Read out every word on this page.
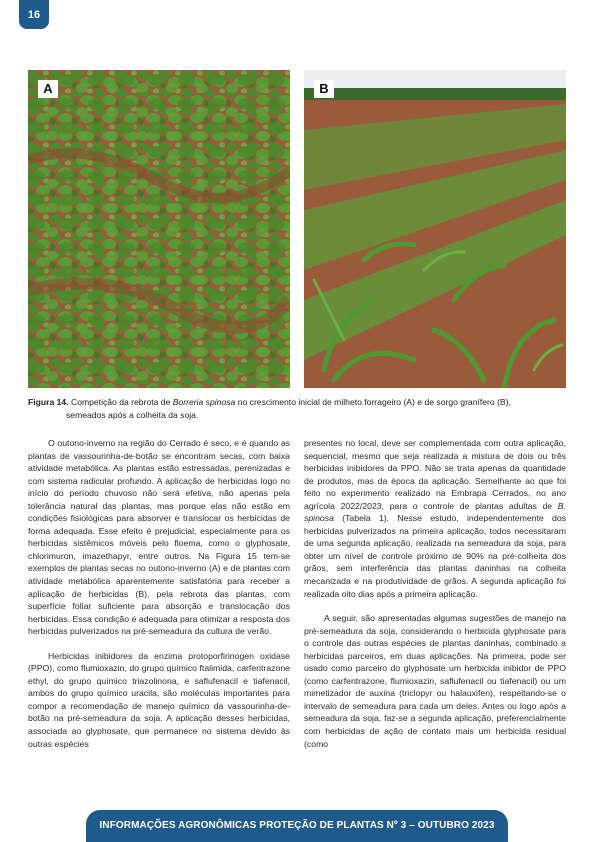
16
A	B
Figura 14. Competição da rebrota de Borreria spinosa no crescimento inicial de milheto forrageiro (A) e de sorgo granífero (B),
semeados após a colheita da soja.

O outono-inverno na região do Cerrado é seco, e é quando as plantas de vassourinha-de-botão se encontram secas, com baixa atividade metabólica. As plantas estão estressadas, perenizadas e com sistema radicular profundo. A aplicação de herbicidas logo no início do período chuvoso não será efetiva, não apenas pela tolerância natural das plantas, mas porque elas não estão em condições fisiológicas para absorver e translocar os herbicidas de forma adequada. Esse efeito é prejudicial, especialmente para os herbicidas sistêmicos móveis pelo floema, como o glyphosate, chlorimuron, imazethapyr, entre outros. Na Figura 15 tem-se exemplos de plantas secas no outono-inverno (A) e de plantas com atividade metabólica aparentemente satisfatória para receber a aplicação de herbicidas (B), pela rebrota das plantas, com superfície foliar suficiente para absorção e translocação dos herbicidas. Essa condição é adequada para otimizar a resposta dos herbicidas pulverizados na pré-semeadura da cultura de verão.

Herbicidas inibidores da enzima protoporfirinogen oxidase (PPO), como flumioxazin, do grupo químico ftalimida, carfentrazone ethyl, do grupo químico triazolinona, e saflufenacil e tiafenacil, ambos do grupo químico uracila, são moléculas importantes para compor a recomendação de manejo químico da vassourinha-de-botão na pré-semeadura da soja. A aplicação desses herbicidas, associada ao glyphosate, que permanece no sistema devido às outras espécies

presentes no local, deve ser complementada com outra aplicação, sequencial, mesmo que seja realizada a mistura de dois ou três herbicidas inibidores da PPO. Não se trata apenas da quantidade de produtos, mas da época da aplicação. Semelhante ao que foi feito no experimento realizado na Embrapa Cerrados, no ano agrícola 2022/2023, para o controle de plantas adultas de B. spinosa (Tabela 1). Nesse estudo, independentemente dos herbicidas pulverizados na primeira aplicação, todos necessitaram de uma segunda aplicação, realizada na semeadura da soja, para obter um nível de controle próximo de 90% na pré-colheita dos grãos, sem interferência das plantas daninhas na colheita mecanizada e na produtividade de grãos. A segunda aplicação foi realizada oito dias após a primeira aplicação.

A seguir, são apresentadas algumas sugestões de manejo na pré-semeadura da soja, considerando o herbicida glyphosate para o controle das outras espécies de plantas daninhas, combinado a herbicidas parceiros, em duas aplicações. Na primeira, pode ser usado como parceiro do glyphosate um herbicida inibidor de PPO (como carfentrazone, flumioxazin, saflufenacil ou tiafenacil) ou um mimetizador de auxina (triclopyr ou halauxifen), respeitando-se o intervalo de semeadura para cada um deles. Antes ou logo após a semeadura da soja, faz-se a segunda aplicação, preferencialmente com herbicidas de ação de contato mais um herbicida residual (como

INFORMAÇÕES AGRONÔMICAS PROTEÇÃO DE PLANTAS Nº 3 – OUTUBRO 2023
